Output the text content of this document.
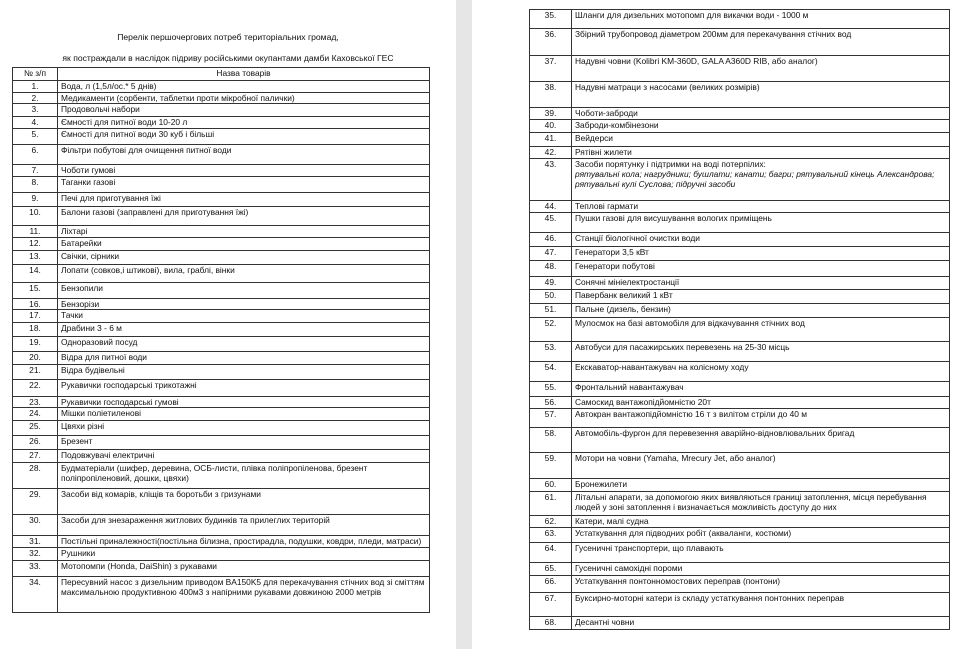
Перелік першочергових потреб територіальних громад,
як постраждали в наслідок підриву російськими окупантами дамби Каховської ГЕС
№ з/п	Назва товарів
1.	Вода, л (1,5л/ос.* 5 днів)
2.	Медикаменти (сорбенти, таблетки проти мікробної палички)
3.	Продовольчі набори
4.	Ємності для питної води 10-20 л
5.	Ємності для питної води 30 куб і більші
6.	Фільтри побутові для очищення питної води
7.	Чоботи гумові
8.	Таганки газові
9.	Печі для приготування їжі
10.	Балони газові (заправлені для приготування їжі)
11.	Ліхтарі
12.	Батарейки
13.	Свічки, сірники
14.	Лопати (совков,і штикові), вила, граблі, вінки
15.	Бензопили
16.	Бензорізи
17.	Тачки
18.	Драбини 3 - 6 м
19.	Одноразовий посуд
20.	Відра для питної води
21.	Відра будівельні
22.	Рукавички господарські трикотажні
23.	Рукавички господарські гумові
24.	Мішки поліетиленові
25.	Цвяхи різні
26.	Брезент
27.	Подовжувачі електричні
28.	Будматеріали (шифер, деревина, ОСБ-листи, плівка поліпропіленова, брезент поліпропіленовий, дошки, цвяхи)
29.	Засоби від комарів, кліщів та боротьби з гризунами
30.	Засоби для знезараження житлових будинків та прилеглих територій
31.	Постільні приналежності(постільна білизна, простирадла, подушки, ковдри, пледи, матраси)
32.	Рушники
33.	Мотопомпи (Honda, DaiShin) з рукавами
34.	Пересувний насос з дизельним приводом BA150K5 для перекачування стічних вод зі сміттям максимальною продуктивною 400м3 з напірними рукавами довжиною 2000 метрів
35.	Шланги для дизельних мотопомп для викачки води - 1000 м
36.	Збірний трубопровод діаметром 200мм для перекачування стічних вод
37.	Надувні човни (Kolibri KM-360D, GALA A360D RIB, або аналог)
38.	Надувні матраци з насосами (великих розмірів)
39.	Чоботи-заброди
40.	Заброди-комбінезони
41.	Вейдерси
42.	Рятівні жилети
43.	Засоби порятунку і підтримки на воді потерпілих:
рятувальні кола; нагрудники; бушлати; канати; багри; рятувальний кінець Александрова; рятувальні кулі Суслова; підручні засоби

44.	Теплові гармати
45.	Пушки газові для висушування вологих приміщень
46.	Станції біологічної очистки води
47.	Генератори 3,5 кВт
48.	Генератори побутові
49.	Сонячні мініелектростанції
50.	Павербанк великий 1 кВт
51.	Пальне (дизель, бензин)
52.	Мулосмок на базі автомобіля для відкачування стічних вод
53.	Автобуси для пасажирських перевезень на 25-30 місць
54.	Екскаватор-навантажувач на колісному ходу
55.	Фронтальний навантажувач
56.	Самоскид вантажопідйомністю 20т
57.	Автокран вантажопідйомністю 16 т з вилітом стріли до 40 м
58.	Автомобіль-фургон для перевезення аварійно-відновлювальних бригад
59.	Мотори на човни (Yamaha, Mrecury Jet, або аналог)
60.	Бронежилети
61.	Літальні апарати, за допомогою яких виявляються границі затоплення, місця перебування людей у зоні затоплення і визначається можливість доступу до них
62.	Катери, малі судна
63.	Устаткування для підводних робіт (акваланги, костюми)
64.	Гусеничні транспортери, що плавають
65.	Гусеничні самохідні пороми
66.	Устаткування понтонномостових переправ (понтони)
67.	Буксирно-моторні катери із складу устаткування понтонних переправ
68.	Десантні човни
